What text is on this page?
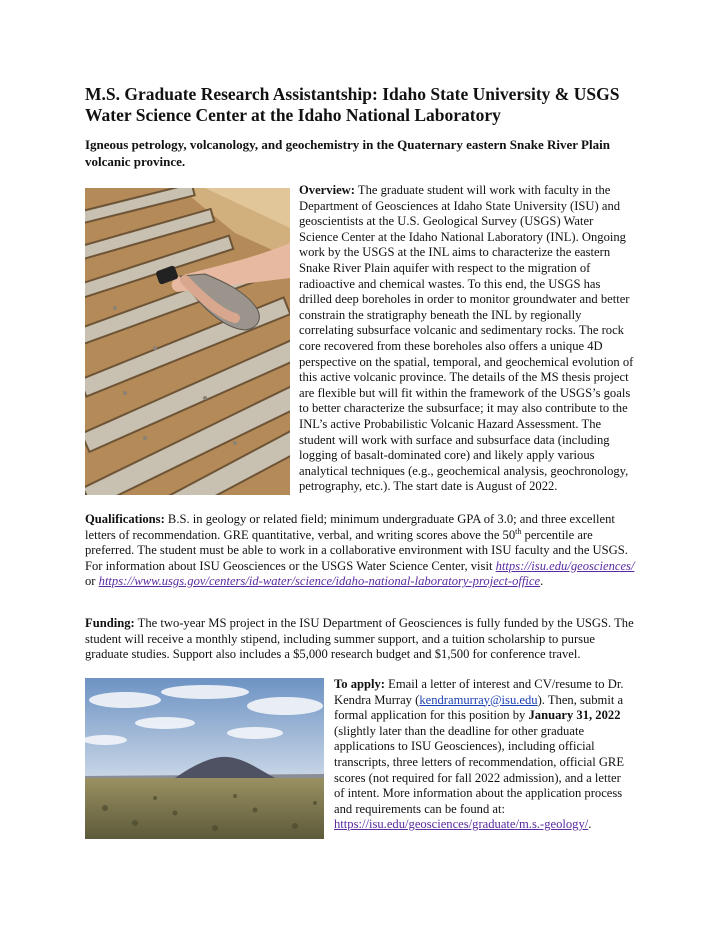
M.S. Graduate Research Assistantship: Idaho State University & USGS Water Science Center at the Idaho National Laboratory

Igneous petrology, volcanology, and geochemistry in the Quaternary eastern Snake River Plain volcanic province.

Overview: The graduate student will work with faculty in the Department of Geosciences at Idaho State University (ISU) and geoscientists at the U.S. Geological Survey (USGS) Water Science Center at the Idaho National Laboratory (INL). Ongoing work by the USGS at the INL aims to characterize the eastern Snake River Plain aquifer with respect to the migration of radioactive and chemical wastes. To this end, the USGS has drilled deep boreholes in order to monitor groundwater and better constrain the stratigraphy beneath the INL by regionally correlating subsurface volcanic and sedimentary rocks. The rock core recovered from these boreholes also offers a unique 4D perspective on the spatial, temporal, and geochemical evolution of this active volcanic province. The details of the MS thesis project are flexible but will fit within the framework of the USGS’s goals to better characterize the subsurface; it may also contribute to the INL’s active Probabilistic Volcanic Hazard Assessment. The student will work with surface and subsurface data (including logging of basalt-dominated core) and likely apply various analytical techniques (e.g., geochemical analysis, geochronology, petrography, etc.). The start date is August of 2022.

Qualifications: B.S. in geology or related field; minimum undergraduate GPA of 3.0; and three excellent letters of recommendation. GRE quantitative, verbal, and writing scores above the 50th percentile are preferred. The student must be able to work in a collaborative environment with ISU faculty and the USGS. For information about ISU Geosciences or the USGS Water Science Center, visit https://isu.edu/geosciences/ or https://www.usgs.gov/centers/id-water/science/idaho-national-laboratory-project-office.

Funding: The two-year MS project in the ISU Department of Geosciences is fully funded by the USGS. The student will receive a monthly stipend, including summer support, and a tuition scholarship to pursue graduate studies. Support also includes a $5,000 research budget and $1,500 for conference travel.

To apply: Email a letter of interest and CV/resume to Dr. Kendra Murray (kendramurray@isu.edu). Then, submit a formal application for this position by January 31, 2022 (slightly later than the deadline for other graduate applications to ISU Geosciences), including official transcripts, three letters of recommendation, official GRE scores (not required for fall 2022 admission), and a letter of intent. More information about the application process and requirements can be found at: https://isu.edu/geosciences/graduate/m.s.-geology/.
